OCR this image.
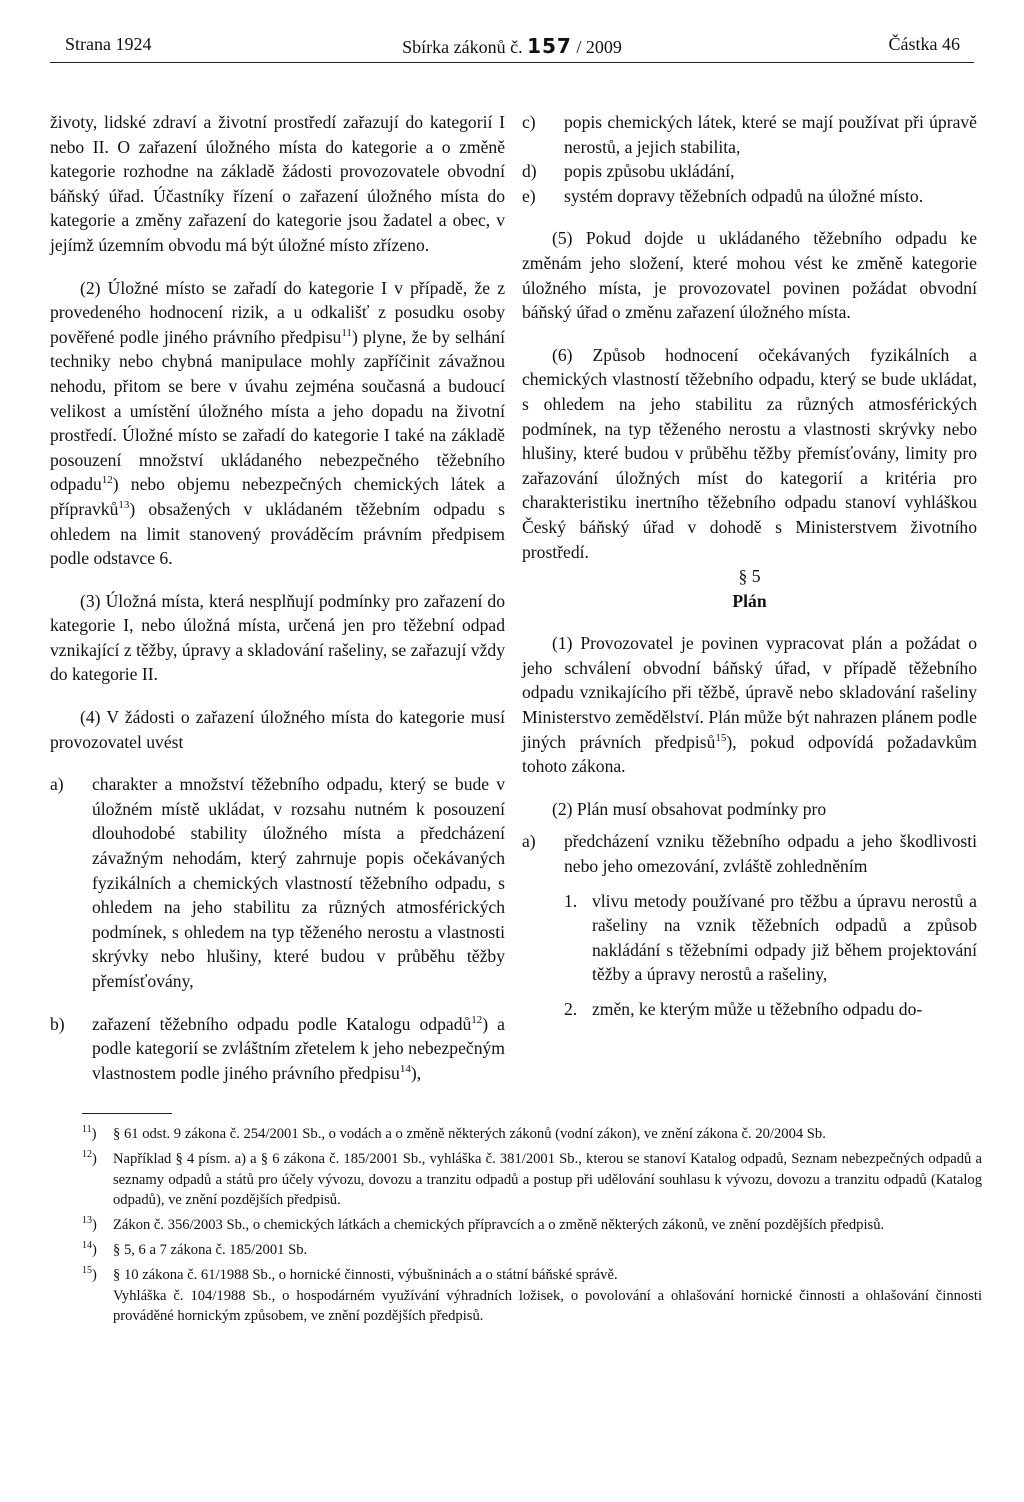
Strana 1924	Sbírka zákonů č. 157 / 2009	Částka 46

životy, lidské zdraví a životní prostředí zařazují do kategorií I nebo II. O zařazení úložného místa do kategorie a o změně kategorie rozhodne na základě žádosti provozovatele obvodní báňský úřad. Účastníky řízení o zařazení úložného místa do kategorie a změny zařazení do kategorie jsou žadatel a obec, v jejímž územním obvodu má být úložné místo zřízeno.

(2) Úložné místo se zařadí do kategorie I v případě, že z provedeného hodnocení rizik, a u odkališť z posudku osoby pověřené podle jiného právního předpisu$^{11}$) plyne, že by selhání techniky nebo chybná manipulace mohly zapříčinit závažnou nehodu, přitom se bere v úvahu zejména současná a budoucí velikost a umístění úložného místa a jeho dopadu na životní prostředí. Úložné místo se zařadí do kategorie I také na základě posouzení množství ukládaného nebezpečného těžebního odpadu$^{12}$) nebo objemu nebezpečných chemických látek a přípravků$^{13}$) obsažených v ukládaném těžebním odpadu s ohledem na limit stanovený prováděcím právním předpisem podle odstavce 6.

(3) Úložná místa, která nesplňují podmínky pro zařazení do kategorie I, nebo úložná místa, určená jen pro těžební odpad vznikající z těžby, úpravy a skladování rašeliny, se zařazují vždy do kategorie II.

(4) V žádosti o zařazení úložného místa do kategorie musí provozovatel uvést

a)	charakter a množství těžebního odpadu, který se bude v úložném místě ukládat, v rozsahu nutném k posouzení dlouhodobé stability úložného místa a předcházení závažným nehodám, který zahrnuje popis očekávaných fyzikálních a chemických vlastností těžebního odpadu, s ohledem na jeho stabilitu za různých atmosférických podmínek, s ohledem na typ těženého nerostu a vlastnosti skrývky nebo hlušiny, které budou v průběhu těžby přemísťovány,
b)	zařazení těžebního odpadu podle Katalogu odpadů$^{12}$) a podle kategorií se zvláštním zřetelem k jeho nebezpečným vlastnostem podle jiného právního předpisu$^{14}$),
c)	popis chemických látek, které se mají používat při úpravě nerostů, a jejich stabilita,
d)	popis způsobu ukládání,
e)	systém dopravy těžebních odpadů na úložné místo.

(5) Pokud dojde u ukládaného těžebního odpadu ke změnám jeho složení, které mohou vést ke změně kategorie úložného místa, je provozovatel povinen požádat obvodní báňský úřad o změnu zařazení úložného místa.

(6) Způsob hodnocení očekávaných fyzikálních a chemických vlastností těžebního odpadu, který se bude ukládat, s ohledem na jeho stabilitu za různých atmosférických podmínek, na typ těženého nerostu a vlastnosti skrývky nebo hlušiny, které budou v průběhu těžby přemísťovány, limity pro zařazování úložných míst do kategorií a kritéria pro charakteristiku inertního těžebního odpadu stanoví vyhláškou Český báňský úřad v dohodě s Ministerstvem životního prostředí.

§ 5

Plán

(1) Provozovatel je povinen vypracovat plán a požádat o jeho schválení obvodní báňský úřad, v případě těžebního odpadu vznikajícího při těžbě, úpravě nebo skladování rašeliny Ministerstvo zemědělství. Plán může být nahrazen plánem podle jiných právních předpisů$^{15}$), pokud odpovídá požadavkům tohoto zákona.

(2) Plán musí obsahovat podmínky pro

a)	předcházení vzniku těžebního odpadu a jeho škodlivosti nebo jeho omezování, zvláště zohledněním
1. vlivu metody používané pro těžbu a úpravu nerostů a rašeliny na vznik těžebních odpadů a způsob nakládání s těžebními odpady již během projektování těžby a úpravy nerostů a rašeliny,
2. změn, ke kterým může u těžebního odpadu do-
$^{11}$)	§ 61 odst. 9 zákona č. 254/2001 Sb., o vodách a o změně některých zákonů (vodní zákon), ve znění zákona č. 20/2004 Sb.
$^{12}$)	Například § 4 písm. a) a § 6 zákona č. 185/2001 Sb., vyhláška č. 381/2001 Sb., kterou se stanoví Katalog odpadů, Seznam nebezpečných odpadů a seznamy odpadů a států pro účely vývozu, dovozu a tranzitu odpadů a postup při udělování souhlasu k vývozu, dovozu a tranzitu odpadů (Katalog odpadů), ve znění pozdějších předpisů.
$^{13}$)	Zákon č. 356/2003 Sb., o chemických látkách a chemických přípravcích a o změně některých zákonů, ve znění pozdějších předpisů.
$^{14}$)	§ 5, 6 a 7 zákona č. 185/2001 Sb.
$^{15}$)	§ 10 zákona č. 61/1988 Sb., o hornické činnosti, výbušninách a o státní báňské správě.
Vyhláška č. 104/1988 Sb., o hospodárném využívání výhradních ložisek, o povolování a ohlašování hornické činnosti a ohlašování činnosti prováděné hornickým způsobem, ve znění pozdějších předpisů.
